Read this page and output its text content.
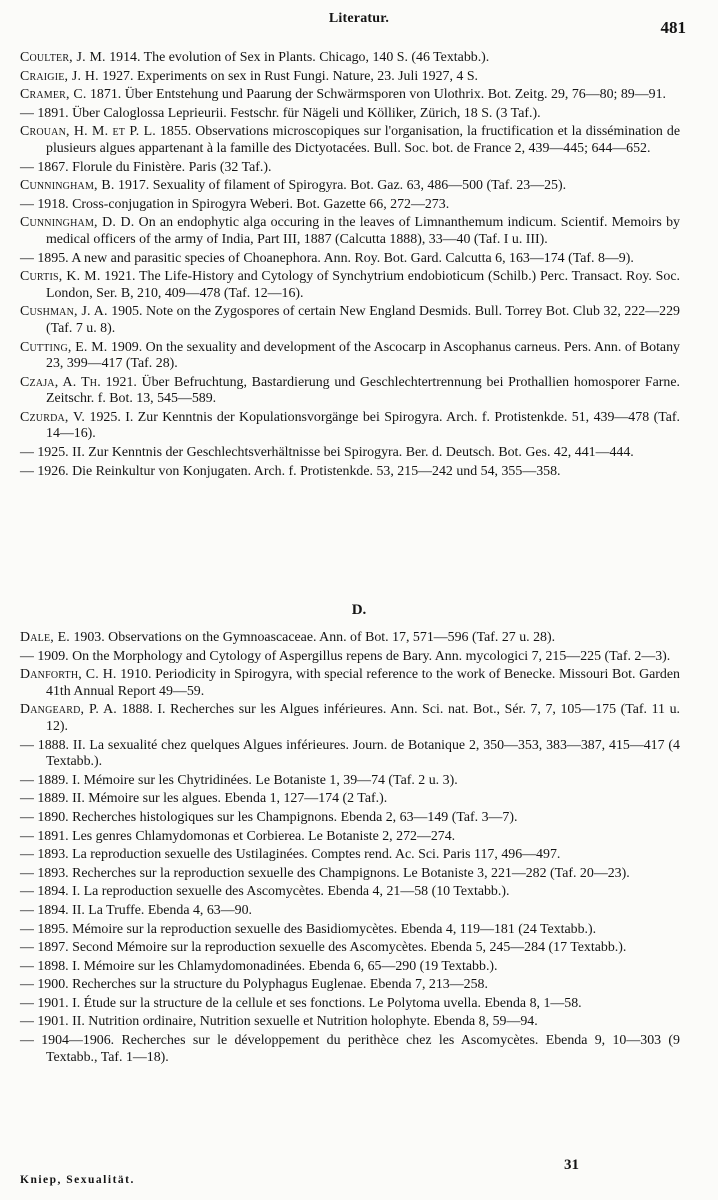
Literatur.	481

Coulter, J. M. 1914. The evolution of Sex in Plants. Chicago, 140 S. (46 Textabb.).

Craigie, J. H. 1927. Experiments on sex in Rust Fungi. Nature, 23. Juli 1927, 4 S.

Cramer, C. 1871. Über Entstehung und Paarung der Schwärmsporen von Ulothrix. Bot. Zeitg. 29, 76—80; 89—91.

— 1891. Über Caloglossa Leprieurii. Festschr. für Nägeli und Kölliker, Zürich, 18 S. (3 Taf.).

Crouan, H. M. et P. L. 1855. Observations microscopiques sur l'organisation, la fructification et la dissémination de plusieurs algues appartenant à la famille des Dictyotacées. Bull. Soc. bot. de France 2, 439—445; 644—652.

— 1867. Florule du Finistère. Paris (32 Taf.).

Cunningham, B. 1917. Sexuality of filament of Spirogyra. Bot. Gaz. 63, 486—500 (Taf. 23—25).

— 1918. Cross-conjugation in Spirogyra Weberi. Bot. Gazette 66, 272—273.

Cunningham, D. D. On an endophytic alga occuring in the leaves of Limnanthemum indicum. Scientif. Memoirs by medical officers of the army of India, Part III, 1887 (Calcutta 1888), 33—40 (Taf. I u. III).

— 1895. A new and parasitic species of Choanephora. Ann. Roy. Bot. Gard. Calcutta 6, 163—174 (Taf. 8—9).

Curtis, K. M. 1921. The Life-History and Cytology of Synchytrium endobioticum (Schilb.) Perc. Transact. Roy. Soc. London, Ser. B, 210, 409—478 (Taf. 12—16).

Cushman, J. A. 1905. Note on the Zygospores of certain New England Desmids. Bull. Torrey Bot. Club 32, 222—229 (Taf. 7 u. 8).

Cutting, E. M. 1909. On the sexuality and development of the Ascocarp in Ascophanus carneus. Pers. Ann. of Botany 23, 399—417 (Taf. 28).

Czaja, A. Th. 1921. Über Befruchtung, Bastardierung und Geschlechtertrennung bei Prothallien homosporer Farne. Zeitschr. f. Bot. 13, 545—589.

Czurda, V. 1925. I. Zur Kenntnis der Kopulationsvorgänge bei Spirogyra. Arch. f. Protistenkde. 51, 439—478 (Taf. 14—16).

— 1925. II. Zur Kenntnis der Geschlechtsverhältnisse bei Spirogyra. Ber. d. Deutsch. Bot. Ges. 42, 441—444.

— 1926. Die Reinkultur von Konjugaten. Arch. f. Protistenkde. 53, 215—242 und 54, 355—358.

D.

Dale, E. 1903. Observations on the Gymnoascaceae. Ann. of Bot. 17, 571—596 (Taf. 27 u. 28).

— 1909. On the Morphology and Cytology of Aspergillus repens de Bary. Ann. mycologici 7, 215—225 (Taf. 2—3).

Danforth, C. H. 1910. Periodicity in Spirogyra, with special reference to the work of Benecke. Missouri Bot. Garden 41th Annual Report 49—59.

Dangeard, P. A. 1888. I. Recherches sur les Algues inférieures. Ann. Sci. nat. Bot., Sér. 7, 7, 105—175 (Taf. 11 u. 12).

— 1888. II. La sexualité chez quelques Algues inférieures. Journ. de Botanique 2, 350—353, 383—387, 415—417 (4 Textabb.).

— 1889. I. Mémoire sur les Chytridinées. Le Botaniste 1, 39—74 (Taf. 2 u. 3).

— 1889. II. Mémoire sur les algues. Ebenda 1, 127—174 (2 Taf.).

— 1890. Recherches histologiques sur les Champignons. Ebenda 2, 63—149 (Taf. 3—7).

— 1891. Les genres Chlamydomonas et Corbierea. Le Botaniste 2, 272—274.

— 1893. La reproduction sexuelle des Ustilaginées. Comptes rend. Ac. Sci. Paris 117, 496—497.

— 1893. Recherches sur la reproduction sexuelle des Champignons. Le Botaniste 3, 221—282 (Taf. 20—23).

— 1894. I. La reproduction sexuelle des Ascomycètes. Ebenda 4, 21—58 (10 Textabb.).

— 1894. II. La Truffe. Ebenda 4, 63—90.

— 1895. Mémoire sur la reproduction sexuelle des Basidiomycètes. Ebenda 4, 119—181 (24 Textabb.).

— 1897. Second Mémoire sur la reproduction sexuelle des Ascomycètes. Ebenda 5, 245—284 (17 Textabb.).

— 1898. I. Mémoire sur les Chlamydomonadinées. Ebenda 6, 65—290 (19 Textabb.).

— 1900. Recherches sur la structure du Polyphagus Euglenae. Ebenda 7, 213—258.

— 1901. I. Étude sur la structure de la cellule et ses fonctions. Le Polytoma uvella. Ebenda 8, 1—58.

— 1901. II. Nutrition ordinaire, Nutrition sexuelle et Nutrition holophyte. Ebenda 8, 59—94.

— 1904—1906. Recherches sur le développement du perithèce chez les Ascomycètes. Ebenda 9, 10—303 (9 Textabb., Taf. 1—18).

Kniep, Sexualität.
31
